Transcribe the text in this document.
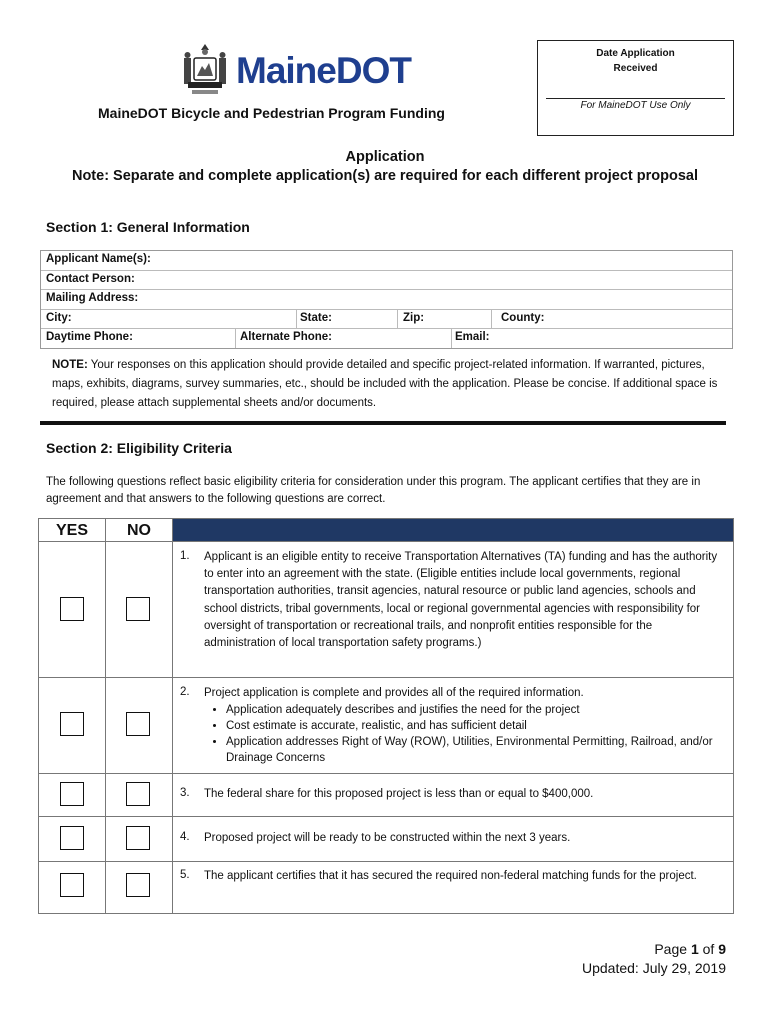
MaineDOT
MaineDOT Bicycle and Pedestrian Program Funding
Date Application
Received
For MaineDOT Use Only
Application
Note: Separate and complete application(s) are required for each different project proposal
Section 1: General Information
Applicant Name(s):
Contact Person:
Mailing Address:
City:	State:	Zip:	County:
Daytime Phone:	Alternate Phone:	Email:
NOTE: Your responses on this application should provide detailed and specific project-related information. If warranted, pictures, maps, exhibits, diagrams, survey summaries, etc., should be included with the application. Please be concise. If additional space is required, please attach supplemental sheets and/or documents.
Section 2: Eligibility Criteria
The following questions reflect basic eligibility criteria for consideration under this program. The applicant certifies that they are in agreement and that answers to the following questions are correct.
YES	NO
1. Applicant is an eligible entity to receive Transportation Alternatives (TA) funding and has the authority to enter into an agreement with the state. (Eligible entities include local governments, regional transportation authorities, transit agencies, natural resource or public land agencies, schools and school districts, tribal governments, local or regional governmental agencies with responsibility for oversight of transportation or recreational trails, and nonprofit entities responsible for the administration of local transportation safety programs.)
2. Project application is complete and provides all of the required information.
• Application adequately describes and justifies the need for the project
• Cost estimate is accurate, realistic, and has sufficient detail
• Application addresses Right of Way (ROW), Utilities, Environmental Permitting, Railroad, and/or Drainage Concerns
3. The federal share for this proposed project is less than or equal to $400,000.
4. Proposed project will be ready to be constructed within the next 3 years.
5. The applicant certifies that it has secured the required non-federal matching funds for the project.
Page 1 of 9
Updated: July 29, 2019
